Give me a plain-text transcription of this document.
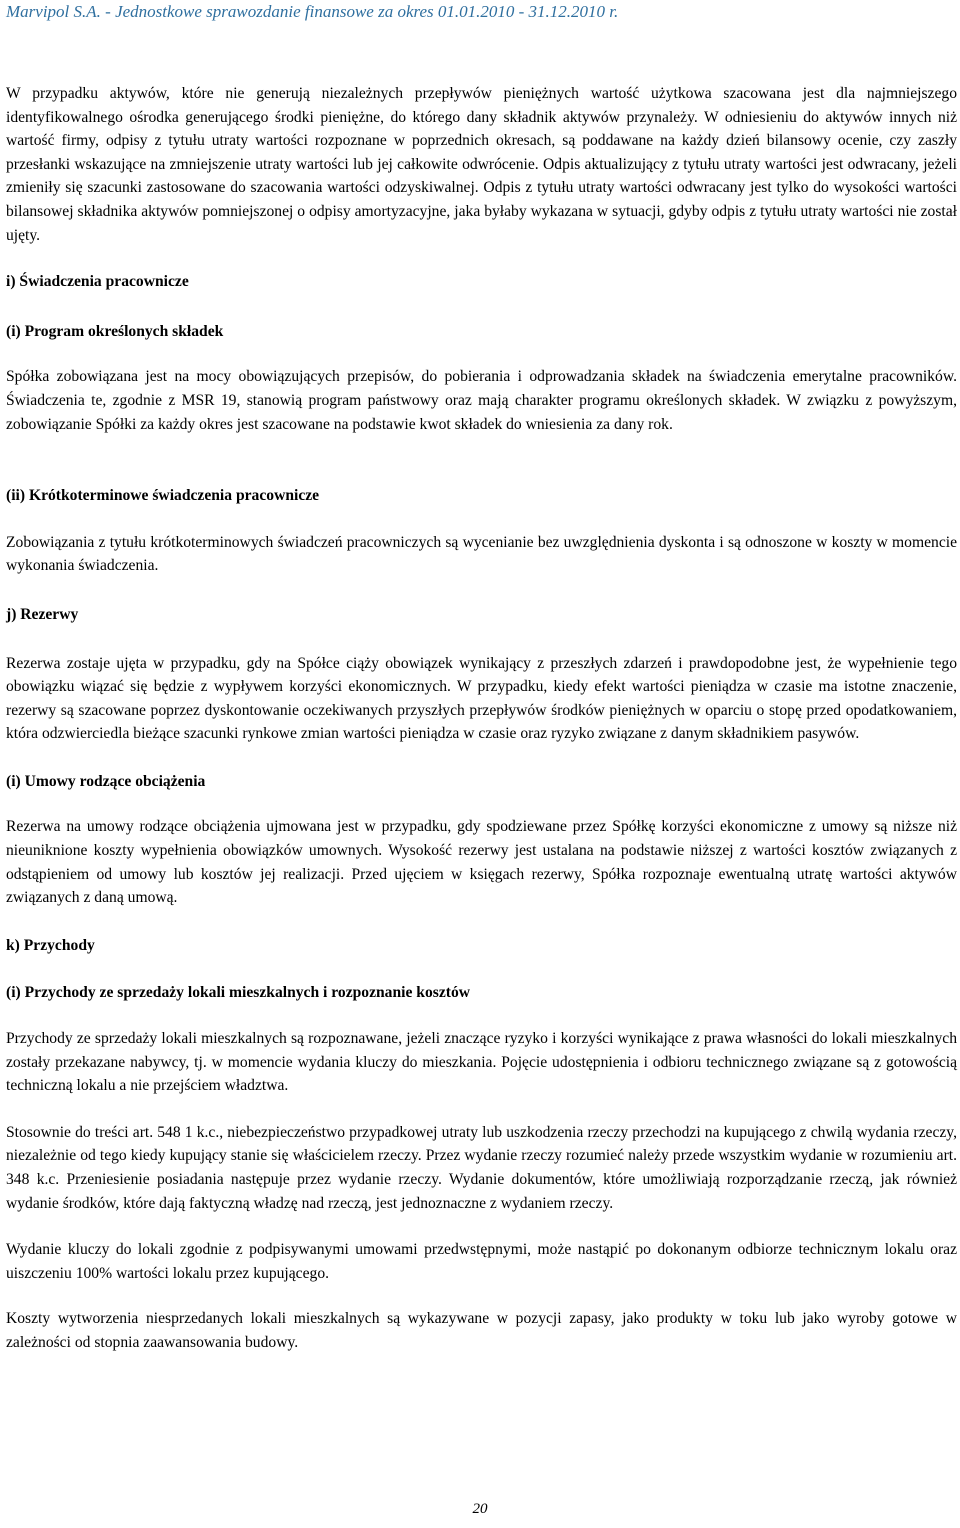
Marvipol S.A. - Jednostkowe sprawozdanie finansowe za okres 01.01.2010 - 31.12.2010 r.

W przypadku aktywów, które nie generują niezależnych przepływów pieniężnych wartość użytkowa szacowana jest dla najmniejszego identyfikowalnego ośrodka generującego środki pieniężne, do którego dany składnik aktywów przynależy. W odniesieniu do aktywów innych niż wartość firmy, odpisy z tytułu utraty wartości rozpoznane w poprzednich okresach, są poddawane na każdy dzień bilansowy ocenie, czy zaszły przesłanki wskazujące na zmniejszenie utraty wartości lub jej całkowite odwrócenie. Odpis aktualizujący z tytułu utraty wartości jest odwracany, jeżeli zmieniły się szacunki zastosowane do szacowania wartości odzyskiwalnej. Odpis z tytułu utraty wartości odwracany jest tylko do wysokości wartości bilansowej składnika aktywów pomniejszonej o odpisy amortyzacyjne, jaka byłaby wykazana w sytuacji, gdyby odpis z tytułu utraty wartości nie został ujęty.

i) Świadczenia pracownicze
(i) Program określonych składek

Spółka zobowiązana jest na mocy obowiązujących przepisów, do pobierania i odprowadzania składek na świadczenia emerytalne pracowników. Świadczenia te, zgodnie z MSR 19, stanowią program państwowy oraz mają charakter programu określonych składek. W związku z powyższym, zobowiązanie Spółki za każdy okres jest szacowane na podstawie kwot składek do wniesienia za dany rok.

(ii) Krótkoterminowe świadczenia pracownicze

Zobowiązania z tytułu krótkoterminowych świadczeń pracowniczych są wycenianie bez uwzględnienia dyskonta i są odnoszone w koszty w momencie wykonania świadczenia.

j) Rezerwy

Rezerwa zostaje ujęta w przypadku, gdy na Spółce ciąży obowiązek wynikający z przeszłych zdarzeń i prawdopodobne jest, że wypełnienie tego obowiązku wiązać się będzie z wypływem korzyści ekonomicznych. W przypadku, kiedy efekt wartości pieniądza w czasie ma istotne znaczenie, rezerwy są szacowane poprzez dyskontowanie oczekiwanych przyszłych przepływów środków pieniężnych w oparciu o stopę przed opodatkowaniem, która odzwierciedla bieżące szacunki rynkowe zmian wartości pieniądza w czasie oraz ryzyko związane z danym składnikiem pasywów.

(i) Umowy rodzące obciążenia

Rezerwa na umowy rodzące obciążenia ujmowana jest w przypadku, gdy spodziewane przez Spółkę korzyści ekonomiczne z umowy są niższe niż nieuniknione koszty wypełnienia obowiązków umownych. Wysokość rezerwy jest ustalana na podstawie niższej z wartości kosztów związanych z odstąpieniem od umowy lub kosztów jej realizacji. Przed ujęciem w księgach rezerwy, Spółka rozpoznaje ewentualną utratę wartości aktywów związanych z daną umową.

k) Przychody
(i) Przychody ze sprzedaży lokali mieszkalnych i rozpoznanie kosztów

Przychody ze sprzedaży lokali mieszkalnych są rozpoznawane, jeżeli znaczące ryzyko i korzyści wynikające z prawa własności do lokali mieszkalnych zostały przekazane nabywcy, tj. w momencie wydania kluczy do mieszkania. Pojęcie udostępnienia i odbioru technicznego związane są z gotowością techniczną lokalu a nie przejściem władztwa.

Stosownie do treści art. 548 1 k.c., niebezpieczeństwo przypadkowej utraty lub uszkodzenia rzeczy przechodzi na kupującego z chwilą wydania rzeczy, niezależnie od tego kiedy kupujący stanie się właścicielem rzeczy. Przez wydanie rzeczy rozumieć należy przede wszystkim wydanie w rozumieniu art. 348 k.c. Przeniesienie posiadania następuje przez wydanie rzeczy. Wydanie dokumentów, które umożliwiają rozporządzanie rzeczą, jak również wydanie środków, które dają faktyczną władzę nad rzeczą, jest jednoznaczne z wydaniem rzeczy.

Wydanie kluczy do lokali zgodnie z podpisywanymi umowami przedwstępnymi, może nastąpić po dokonanym odbiorze technicznym lokalu oraz uiszczeniu 100% wartości lokalu przez kupującego.

Koszty wytworzenia niesprzedanych lokali mieszkalnych są wykazywane w pozycji zapasy, jako produkty w toku lub jako wyroby gotowe w zależności od stopnia zaawansowania budowy.

20
